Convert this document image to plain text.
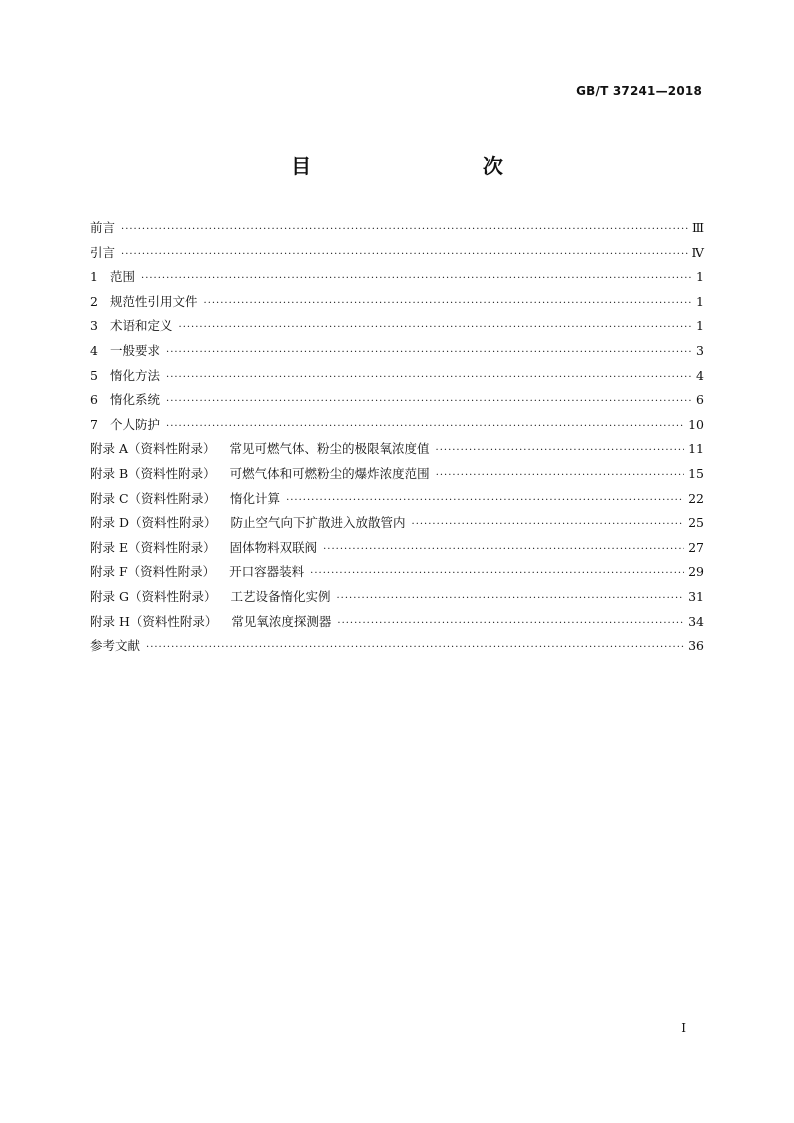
GB/T 37241—2018
目    次
前言 ·····	Ⅲ
引言 ·····	Ⅳ
1 范围 ·····	1
2 规范性引用文件 ·····	1
3 术语和定义 ·····	1
4 一般要求 ·····	3
5 惰化方法 ·····	4
6 惰化系统 ·····	6
7 个人防护 ·····	10
附录 A（资料性附录） 常见可燃气体、粉尘的极限氧浓度值 ·····	11
附录 B（资料性附录） 可燃气体和可燃粉尘的爆炸浓度范围 ·····	15
附录 C（资料性附录） 惰化计算 ·····	22
附录 D（资料性附录） 防止空气向下扩散进入放散管内 ·····	25
附录 E（资料性附录） 固体物料双联阀 ·····	27
附录 F（资料性附录） 开口容器装料 ·····	29
附录 G（资料性附录） 工艺设备惰化实例 ·····	31
附录 H（资料性附录） 常见氧浓度探测器 ·····	34
参考文献 ·····	36
Ⅰ
